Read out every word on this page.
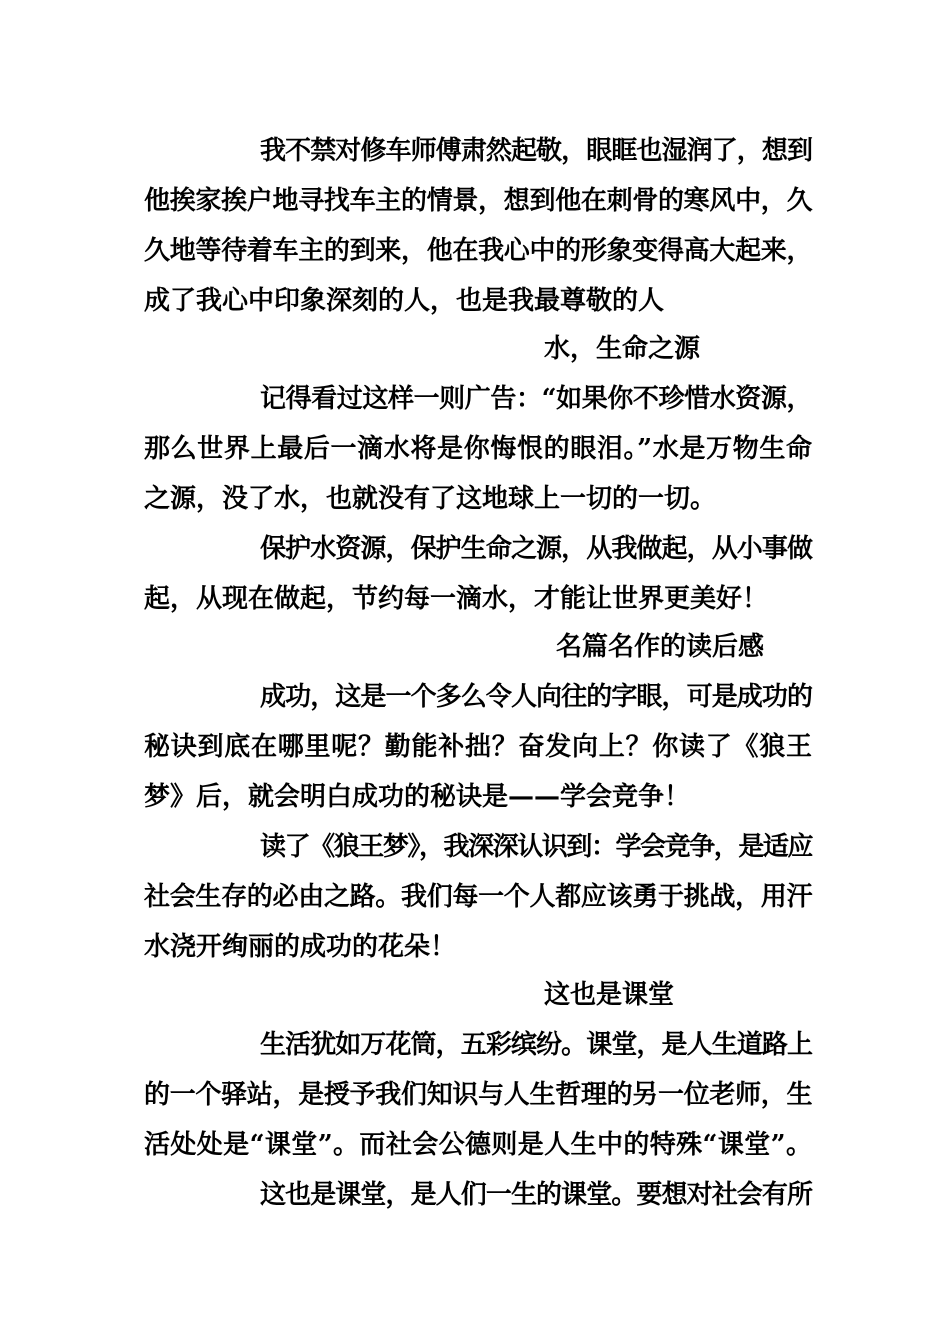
我不禁对修车师傅肃然起敬，眼眶也湿润了，想到
他挨家挨户地寻找车主的情景，想到他在刺骨的寒风中，久
久地等待着车主的到来，他在我心中的形象变得高大起来，
成了我心中印象深刻的人，也是我最尊敬的人
水，生命之源
记得看过这样一则广告：“如果你不珍惜水资源，
那么世界上最后一滴水将是你悔恨的眼泪。”水是万物生命
之源，没了水，也就没有了这地球上一切的一切。
保护水资源，保护生命之源，从我做起，从小事做
起，从现在做起，节约每一滴水，才能让世界更美好！
名篇名作的读后感
成功，这是一个多么令人向往的字眼，可是成功的
秘诀到底在哪里呢？勤能补拙？奋发向上？你读了《狼王
梦》后，就会明白成功的秘诀是——学会竞争！
读了《狼王梦》，我深深认识到：学会竞争，是适应
社会生存的必由之路。我们每一个人都应该勇于挑战，用汗
水浇开绚丽的成功的花朵！
这也是课堂
生活犹如万花筒，五彩缤纷。课堂，是人生道路上
的一个驿站，是授予我们知识与人生哲理的另一位老师，生
活处处是“课堂”。而社会公德则是人生中的特殊“课堂”。
这也是课堂，是人们一生的课堂。要想对社会有所
